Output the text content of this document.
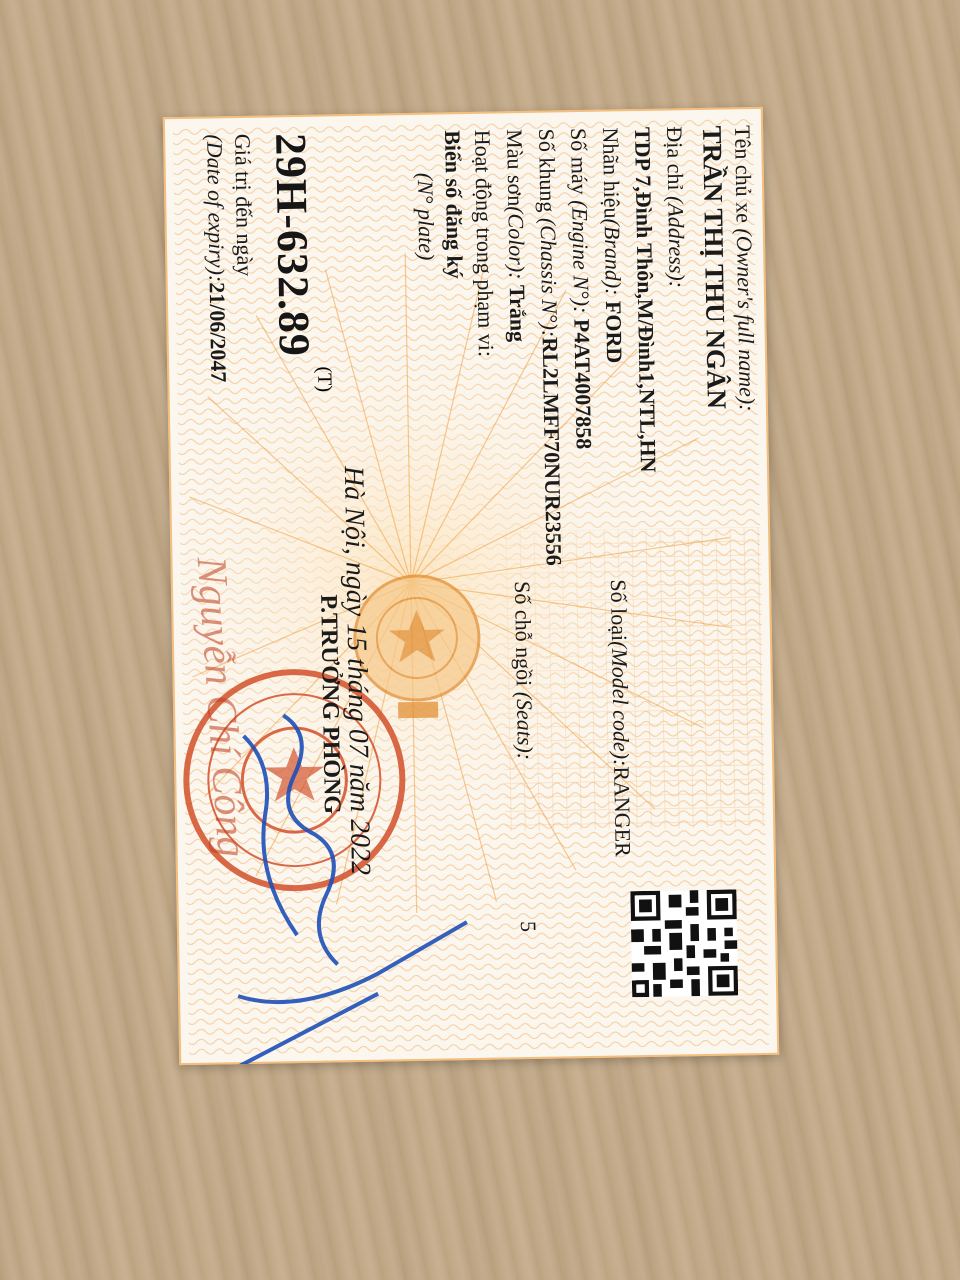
Tên chủ xe (Owner's full name):
TRẦN THỊ THU NGÂN
Địa chỉ (Address):
TDP 7,Đình Thôn,M/Đình1,NTL,HN
Nhãn hiệu(Brand): FORD
Số loại(Model code):RANGER
Số máy (Engine N°): P4AT4007858
Số khung (Chassis N°):RL2LMFF70NUR23556
Màu sơn(Color): Trắng
Số chỗ ngồi (Seats):
5
Hoạt động trong phạm vi:
Biển số đăng ký
(N° plate)
Hà Nội, ngày 15 tháng 07 năm 2022
P.TRƯỞNG PHÒNG
29H-632.89
(T)
Giá trị đến ngày
(Date of expiry):21/06/2047
Nguyễn Chí Công
